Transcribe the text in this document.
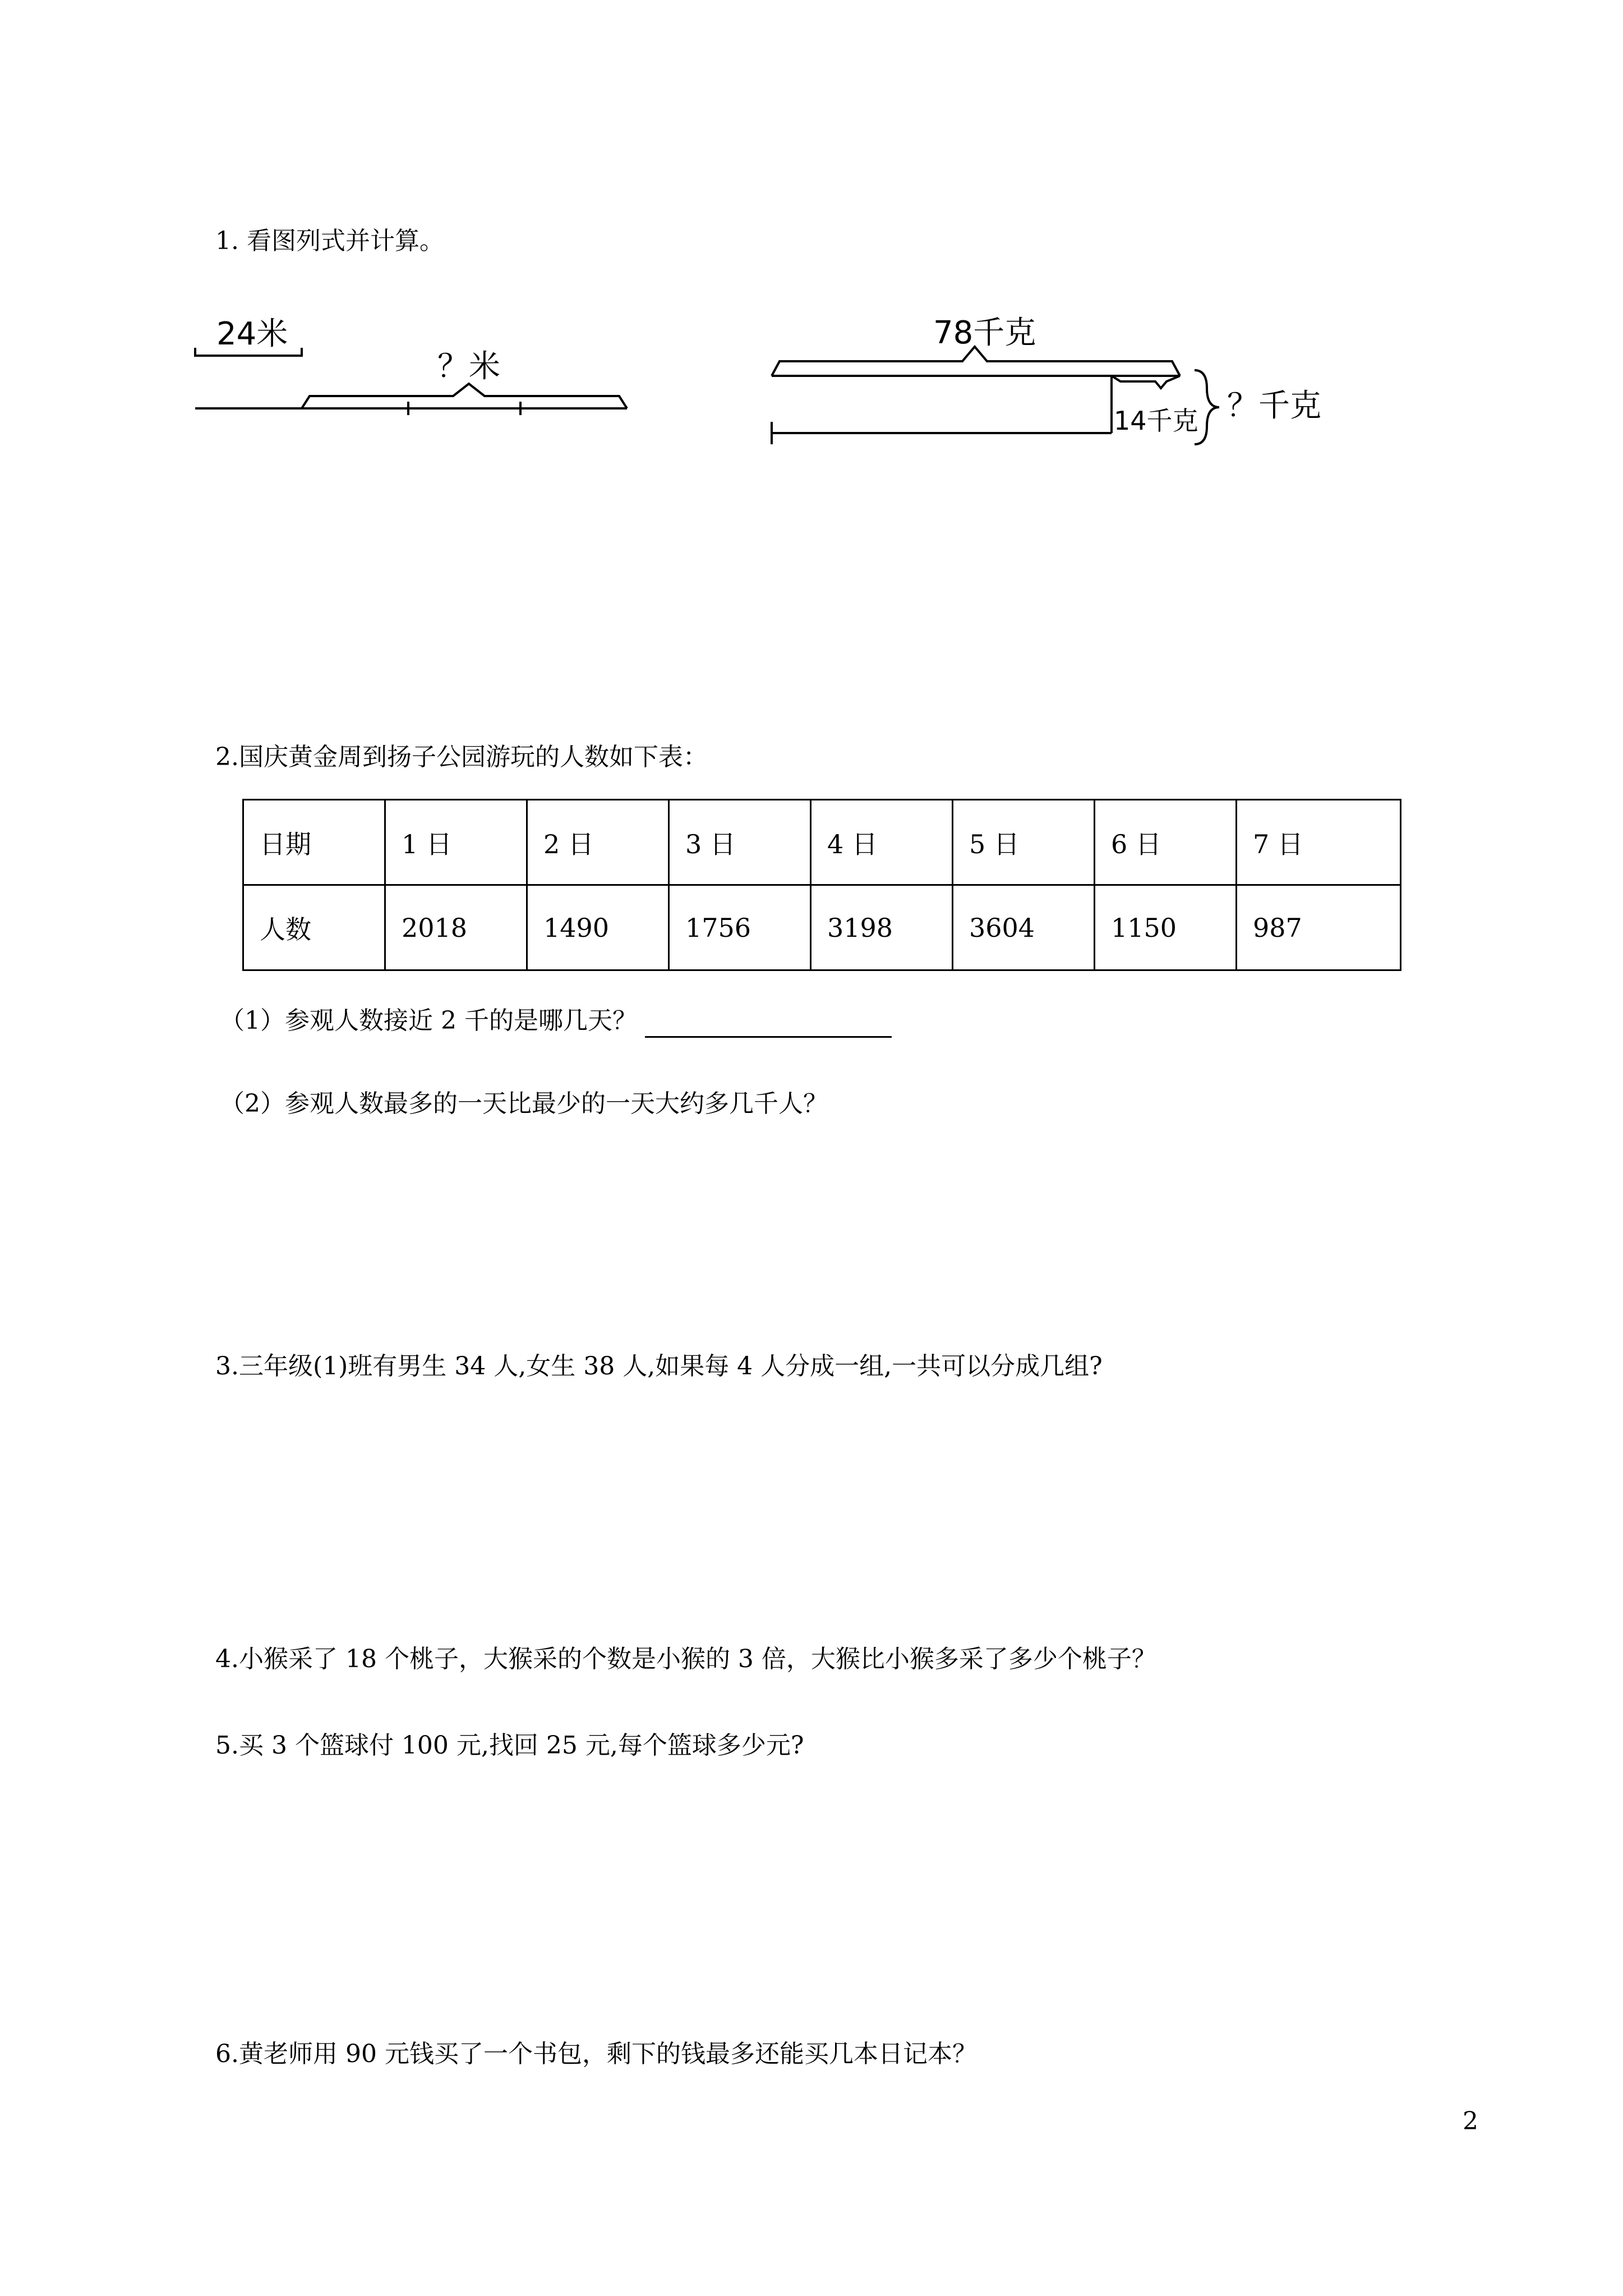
1. 看图列式并计算。
24米
？米
78千克
14千克 ？千克
2.国庆黄金周到扬子公园游玩的人数如下表：
日期	1 日	2 日	3 日	4 日	5 日	6 日	7 日
人数	2018	1490	1756	3198	3604	1150	987
（1）参观人数接近 2 千的是哪几天？
（2）参观人数最多的一天比最少的一天大约多几千人？
3.三年级(1)班有男生 34 人,女生 38 人,如果每 4 人分成一组,一共可以分成几组?
4.小猴采了 18 个桃子，大猴采的个数是小猴的 3 倍，大猴比小猴多采了多少个桃子？
5.买 3 个篮球付 100 元,找回 25 元,每个篮球多少元?
6.黄老师用 90 元钱买了一个书包，剩下的钱最多还能买几本日记本？
2
